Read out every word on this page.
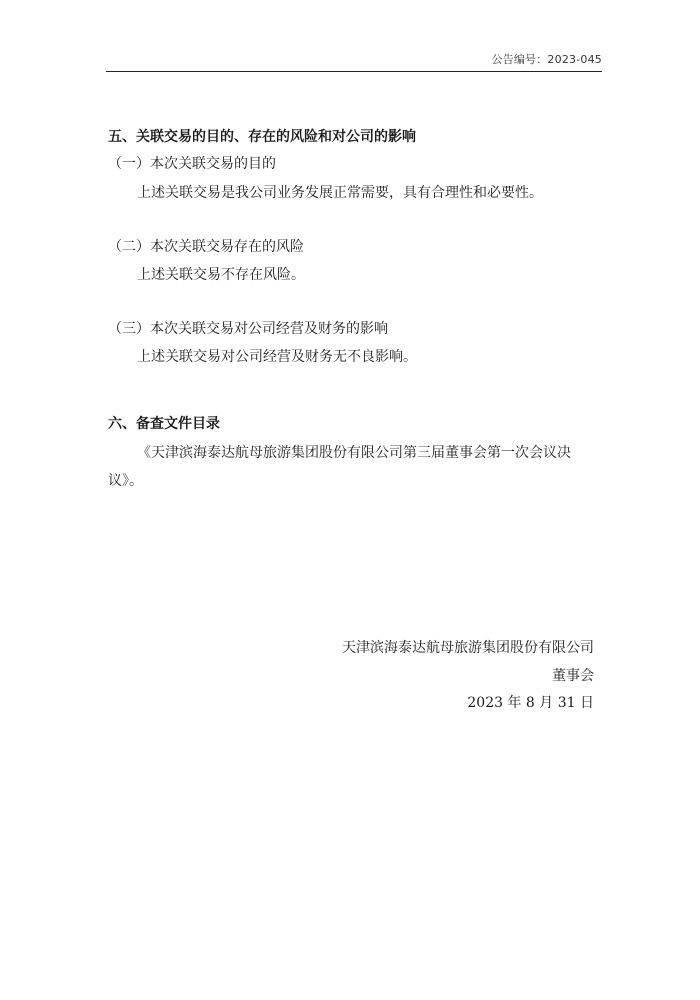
公告编号：2023-045
五、关联交易的目的、存在的风险和对公司的影响
（一）本次关联交易的目的
上述关联交易是我公司业务发展正常需要，具有合理性和必要性。
（二）本次关联交易存在的风险
上述关联交易不存在风险。
（三）本次关联交易对公司经营及财务的影响
上述关联交易对公司经营及财务无不良影响。
六、备查文件目录
《天津滨海泰达航母旅游集团股份有限公司第三届董事会第一次会议决
议》。
天津滨海泰达航母旅游集团股份有限公司
董事会
2023 年 8 月 31 日
